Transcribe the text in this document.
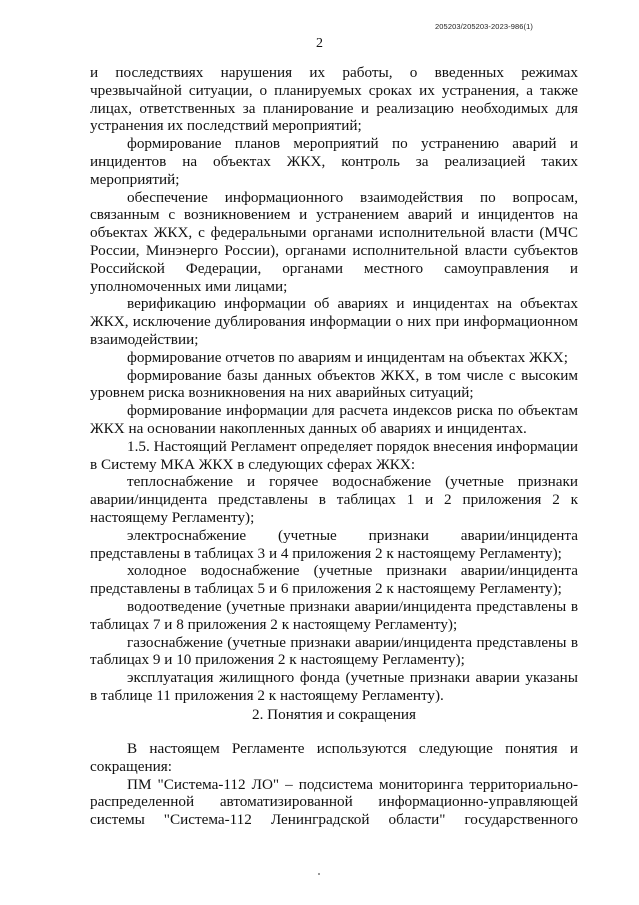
205203/205203-2023-986(1)
2

и последствиях нарушения их работы, о введенных режимах чрезвычайной ситуации, о планируемых сроках их устранения, а также лицах, ответственных за планирование и реализацию необходимых для устранения их последствий мероприятий;

формирование планов мероприятий по устранению аварий и инцидентов на объектах ЖКХ, контроль за реализацией таких мероприятий;

обеспечение информационного взаимодействия по вопросам, связанным с возникновением и устранением аварий и инцидентов на объектах ЖКХ, с федеральными органами исполнительной власти (МЧС России, Минэнерго России), органами исполнительной власти субъектов Российской Федерации, органами местного самоуправления и уполномоченных ими лицами;

верификацию информации об авариях и инцидентах на объектах ЖКХ, исключение дублирования информации о них при информационном взаимодействии;

формирование отчетов по авариям и инцидентам на объектах ЖКХ;

формирование базы данных объектов ЖКХ, в том числе с высоким уровнем риска возникновения на них аварийных ситуаций;

формирование информации для расчета индексов риска по объектам ЖКХ на основании накопленных данных об авариях и инцидентах.

1.5. Настоящий Регламент определяет порядок внесения информации в Систему МКА ЖКХ в следующих сферах ЖКХ:

теплоснабжение и горячее водоснабжение (учетные признаки аварии/инцидента представлены в таблицах 1 и 2 приложения 2 к настоящему Регламенту);

электроснабжение (учетные признаки аварии/инцидента представлены в таблицах 3 и 4 приложения 2 к настоящему Регламенту);

холодное водоснабжение (учетные признаки аварии/инцидента представлены в таблицах 5 и 6 приложения 2 к настоящему Регламенту);

водоотведение (учетные признаки аварии/инцидента представлены в таблицах 7 и 8 приложения 2 к настоящему Регламенту);

газоснабжение (учетные признаки аварии/инцидента представлены в таблицах 9 и 10 приложения 2 к настоящему Регламенту);

эксплуатация жилищного фонда (учетные признаки аварии указаны в таблице 11 приложения 2 к настоящему Регламенту).

2. Понятия и сокращения

В настоящем Регламенте используются следующие понятия и сокращения:

ПМ "Система-112 ЛО" – подсистема мониторинга территориально-распределенной автоматизированной информационно-управляющей системы "Система-112 Ленинградской области" государственного
